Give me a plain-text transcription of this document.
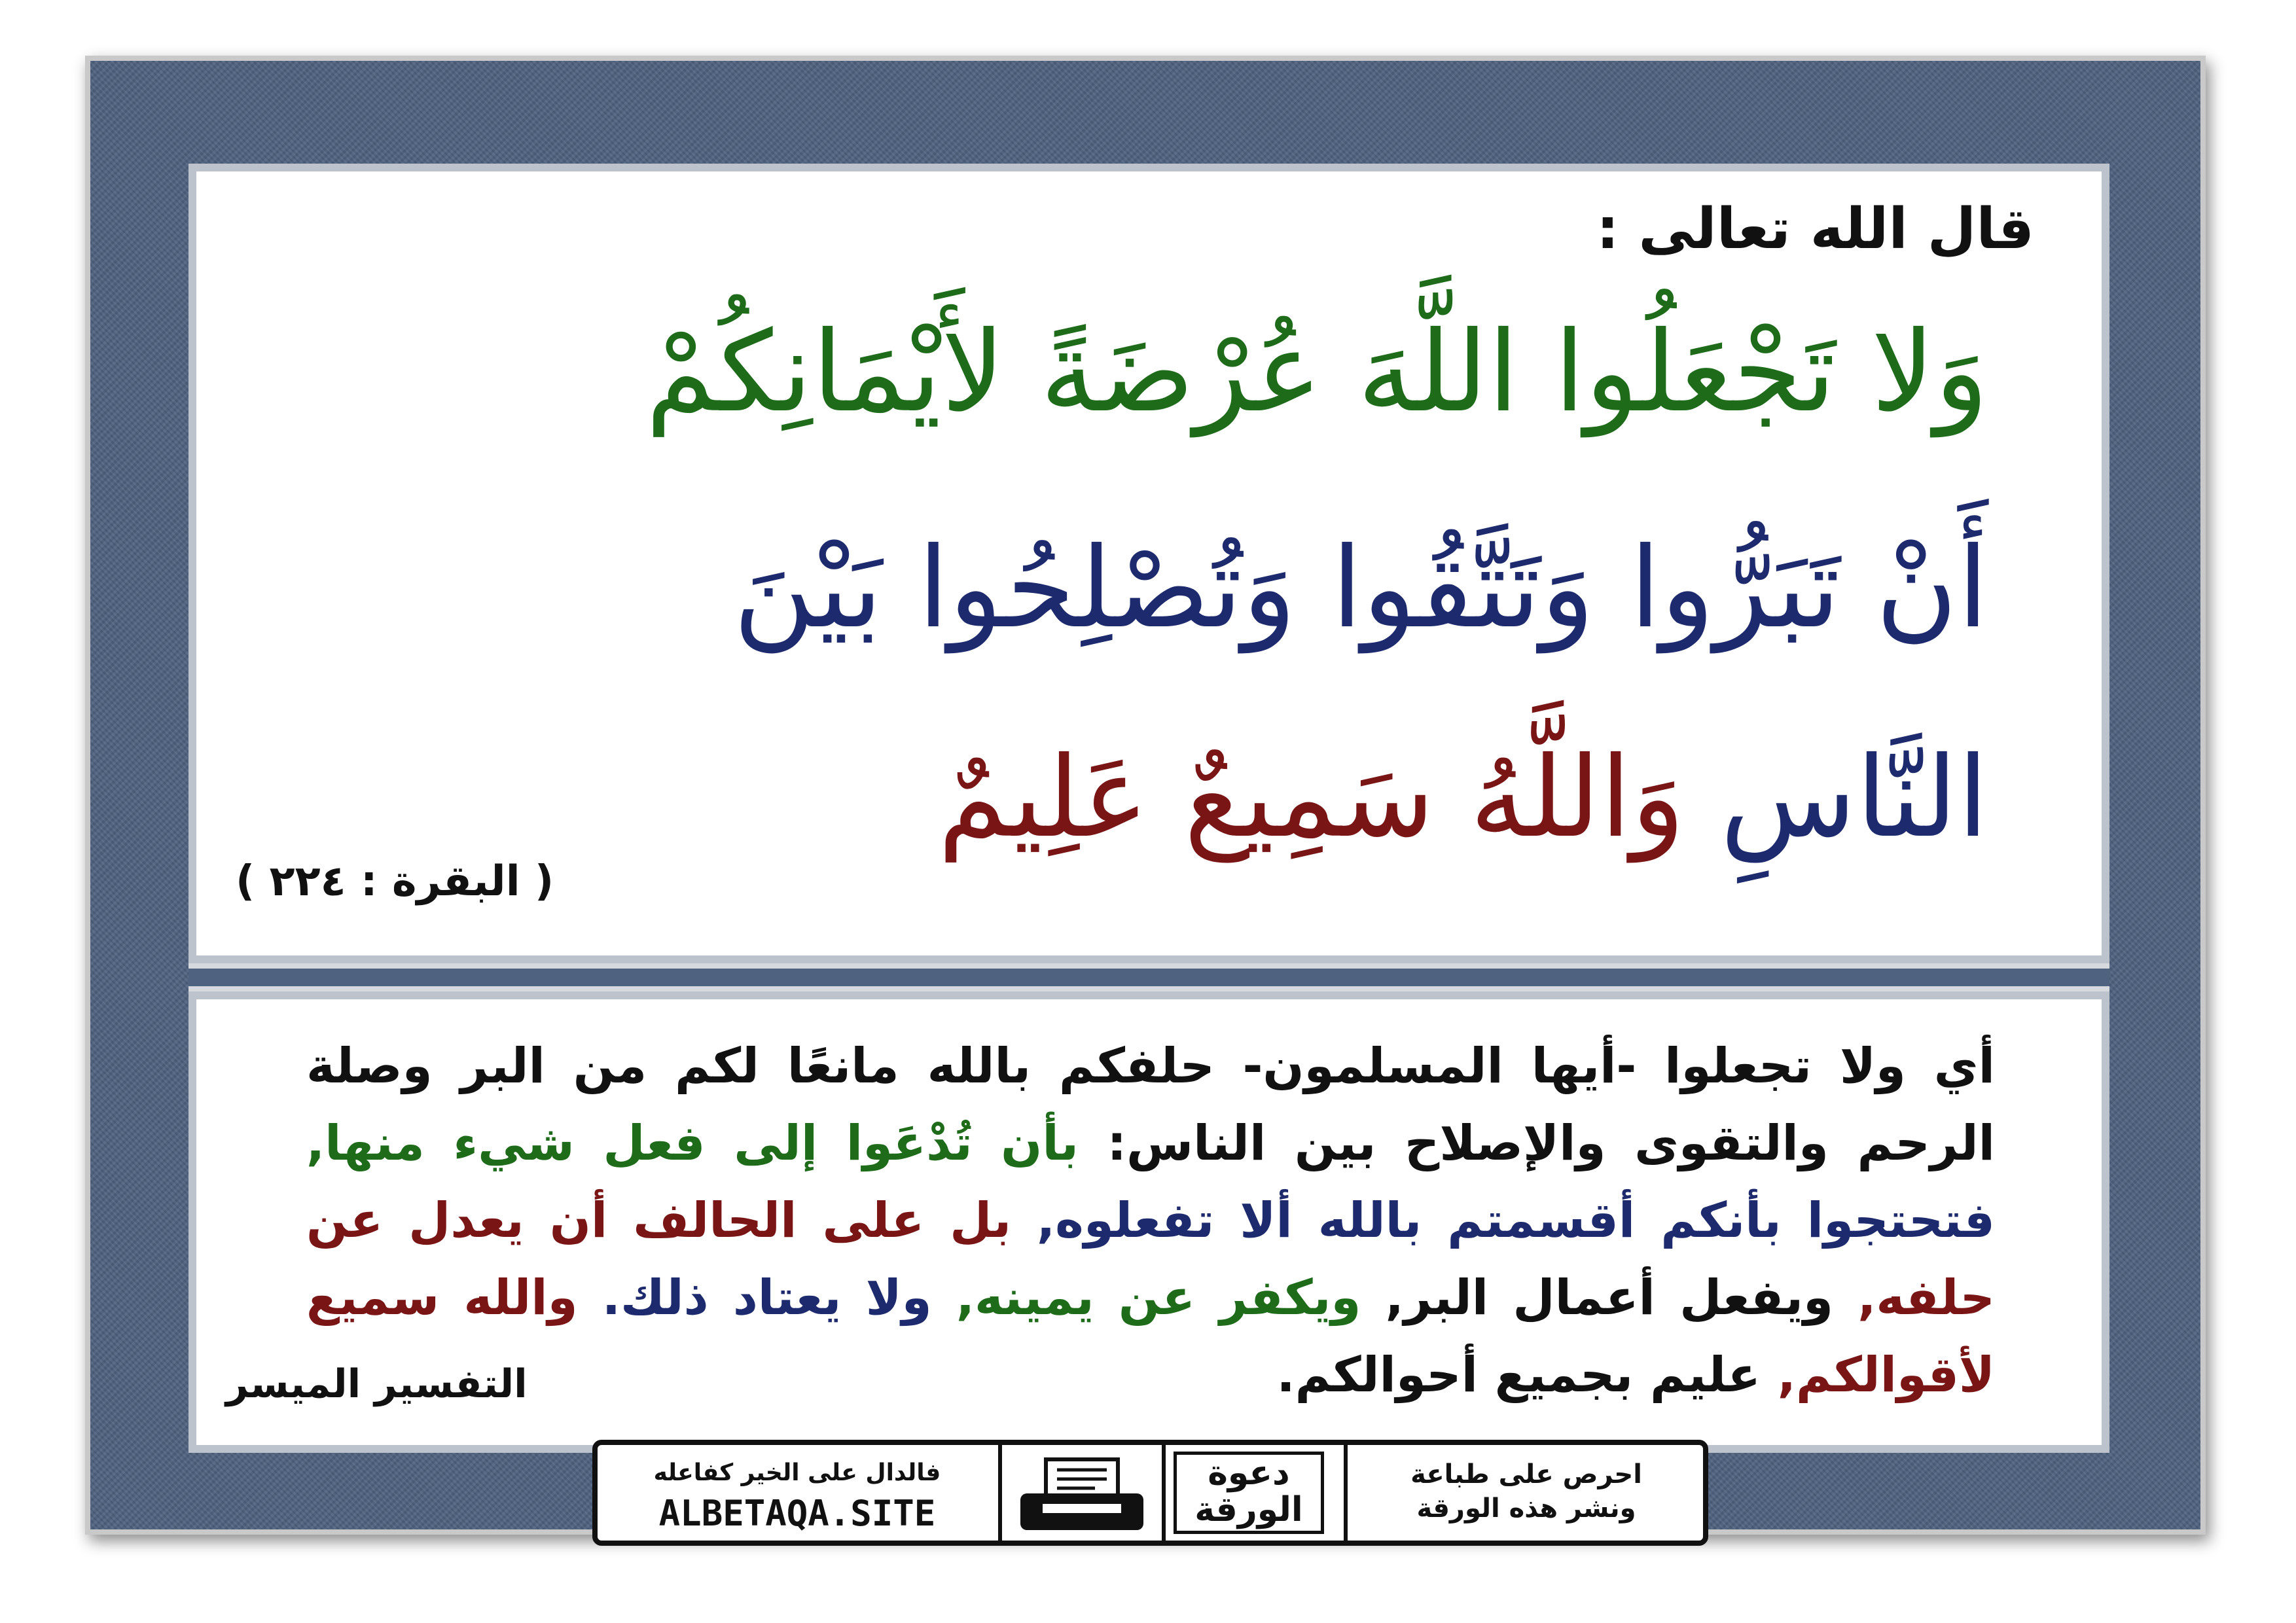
قال الله تعالى :
وَلا تَجْعَلُوا اللَّهَ عُرْضَةً لأَيْمَانِكُمْ
أَنْ تَبَرُّوا وَتَتَّقُوا وَتُصْلِحُوا بَيْنَ
النَّاسِ وَاللَّهُ سَمِيعٌ عَلِيمٌ
( البقرة : ٢٢٤ )
أي ولا تجعلوا -أيها المسلمون- حلفكم بالله مانعًا لكم من البر وصلة الرحم والتقوى والإصلاح بين الناس: بأن تُدْعَوا إلى فعل شيء منها, فتحتجوا بأنكم أقسمتم بالله ألا تفعلوه, بل على الحالف أن يعدل عن حلفه, ويفعل أعمال البر, ويكفر عن يمينه, ولا يعتاد ذلك. والله سميع لأقوالكم, عليم بجميع أحوالكم.
التفسير الميسر
فالدال على الخير كفاعله
ALBETAQA.SITE
دعوة
الورقة
احرص على طباعة
ونشر هذه الورقة
